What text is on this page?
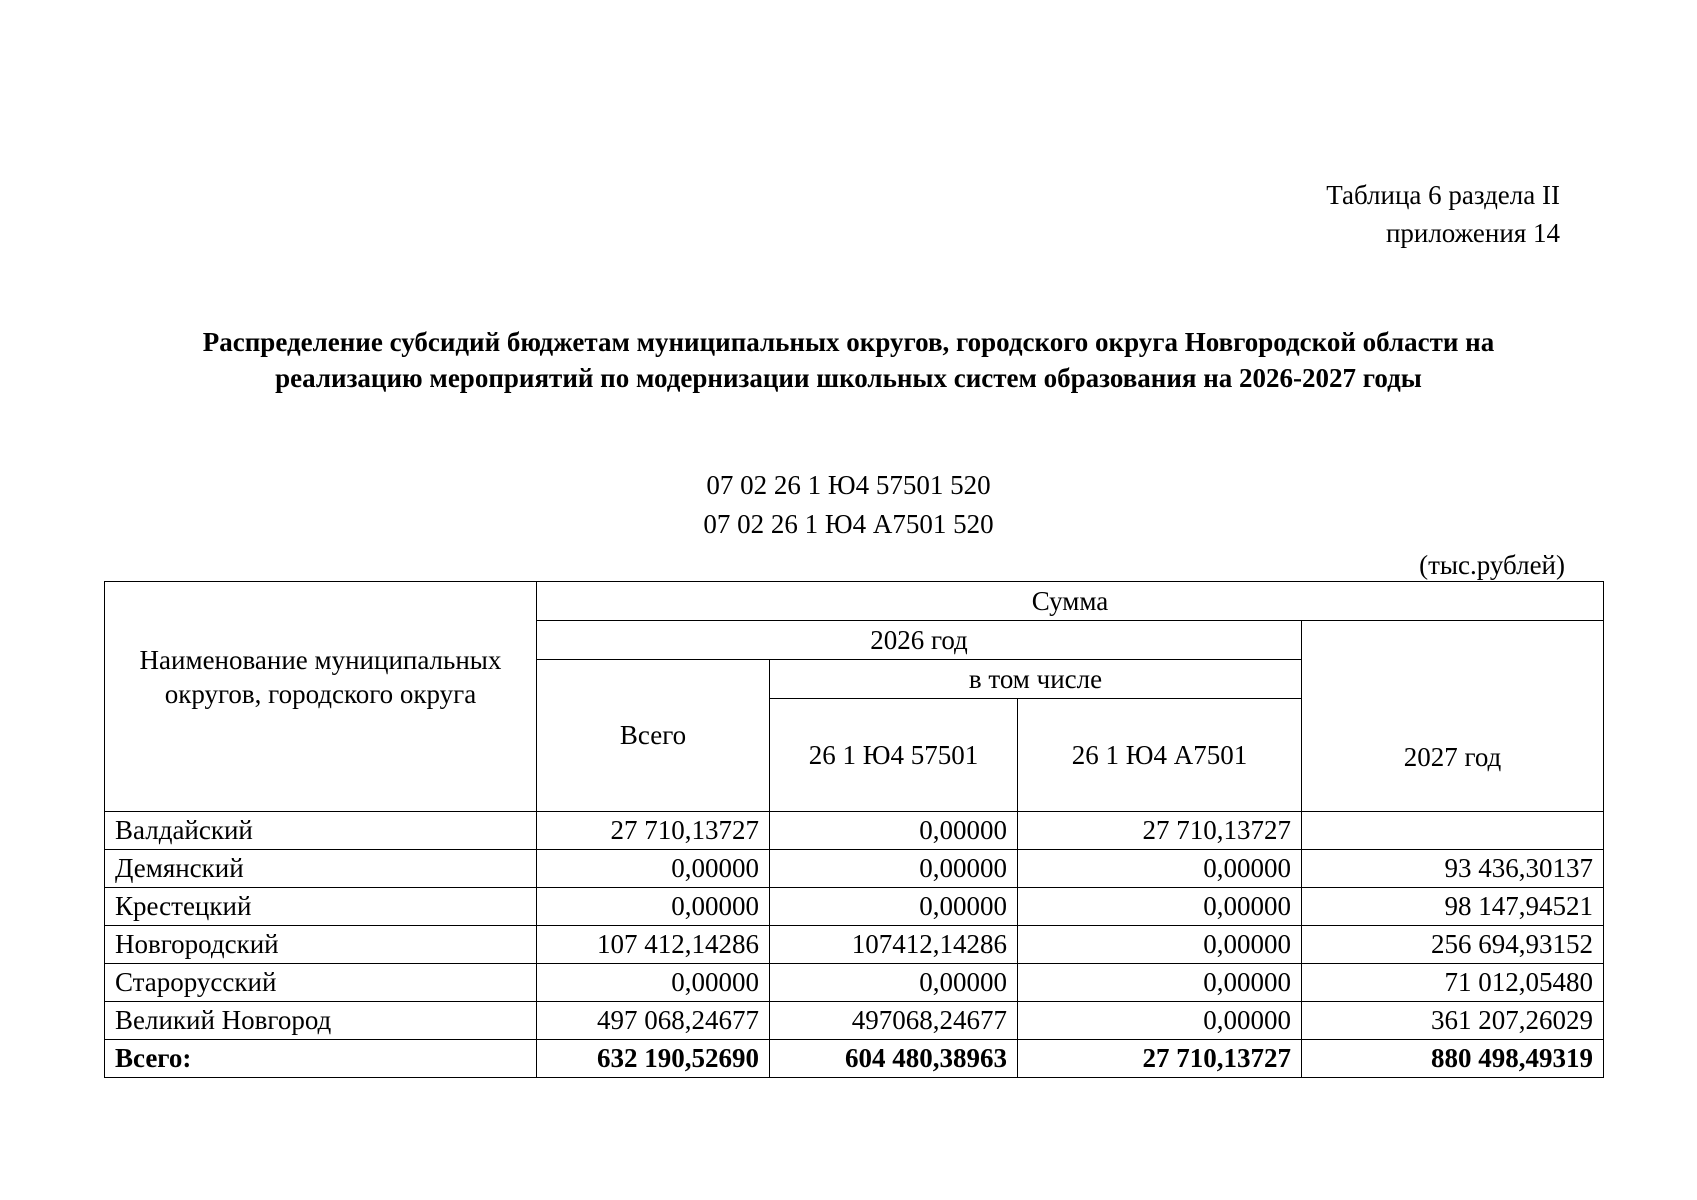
Таблица 6 раздела II
приложения 14
Распределение субсидий бюджетам муниципальных округов, городского округа Новгородской области на
реализацию мероприятий по модернизации школьных систем образования на 2026-2027 годы
07 02 26 1 Ю4 57501 520
07 02 26 1 Ю4 А7501 520
(тыс.рублей)
Наименование муниципальных округов, городского округа	Сумма			
	2026 год			2027 год
	Всего	в том числе		
		26 1 Ю4 57501	26 1 Ю4 А7501	
Валдайский	27 710,13727	0,00000	27 710,13727	
Демянский	0,00000	0,00000	0,00000	93 436,30137
Крестецкий	0,00000	0,00000	0,00000	98 147,94521
Новгородский	107 412,14286	107412,14286	0,00000	256 694,93152
Старорусский	0,00000	0,00000	0,00000	71 012,05480
Великий Новгород	497 068,24677	497068,24677	0,00000	361 207,26029
Всего:	632 190,52690	604 480,38963	27 710,13727	880 498,49319
